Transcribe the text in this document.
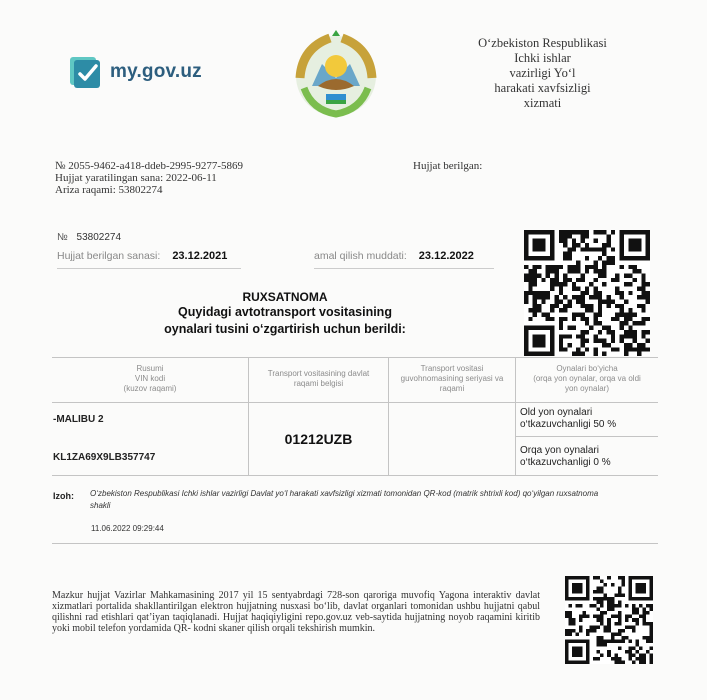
my.gov.uz
O‘zbekiston Respublikasi
Ichki ishlar
vazirligi Yo‘l
harakati xavfsizligi
xizmati
№ 2055-9462-a418-ddeb-2995-9277-5869
Hujjat yaratilingan sana: 2022-06-11
Ariza raqami: 53802274
Hujjat berilgan:
№ 53802274
Hujjat berilgan sanasi: 23.12.2021	amal qilish muddati: 23.12.2022
RUXSATNOMA
Quyidagi avtotransport vositasining
oynalari tusini o‘zgartirish uchun berildi:
Rusumi
VIN kodi
(kuzov raqami)
Transport vositasining davlat
raqami belgisi
Transport vositasi
guvohnomasining seriyasi va
raqami
Oynalari bo‘yicha
(orqa yon oynalar, orqa va oldi
yon oynalar)
-MALIBU 2
KL1ZA69X9LB357747
01212UZB
Old yon oynalari
o‘tkazuvchanligi 50 %
Orqa yon oynalari
o‘tkazuvchanligi 0 %
Izoh: O‘zbekiston Respublikasi Ichki ishlar vazirligi Davlat yo‘l harakati xavfsizligi xizmati tomonidan QR-kod (matrik shtrixli kod) qo‘yilgan ruxsatnoma shakli
11.06.2022 09:29:44
Mazkur hujjat Vazirlar Mahkamasining 2017 yil 15 sentyabrdagi 728-son qaroriga muvofiq Yagona interaktiv davlat xizmatlari portalida shakllantirilgan elektron hujjatning nusxasi bo‘lib, davlat organlari tomonidan ushbu hujjatni qabul qilishni rad etishlari qat’iyan taqiqlanadi. Hujjat haqiqiyligini repo.gov.uz veb-saytida hujjatning noyob raqamini kiritib yoki mobil telefon yordamida QR- kodni skaner qilish orqali tekshirish mumkin.
